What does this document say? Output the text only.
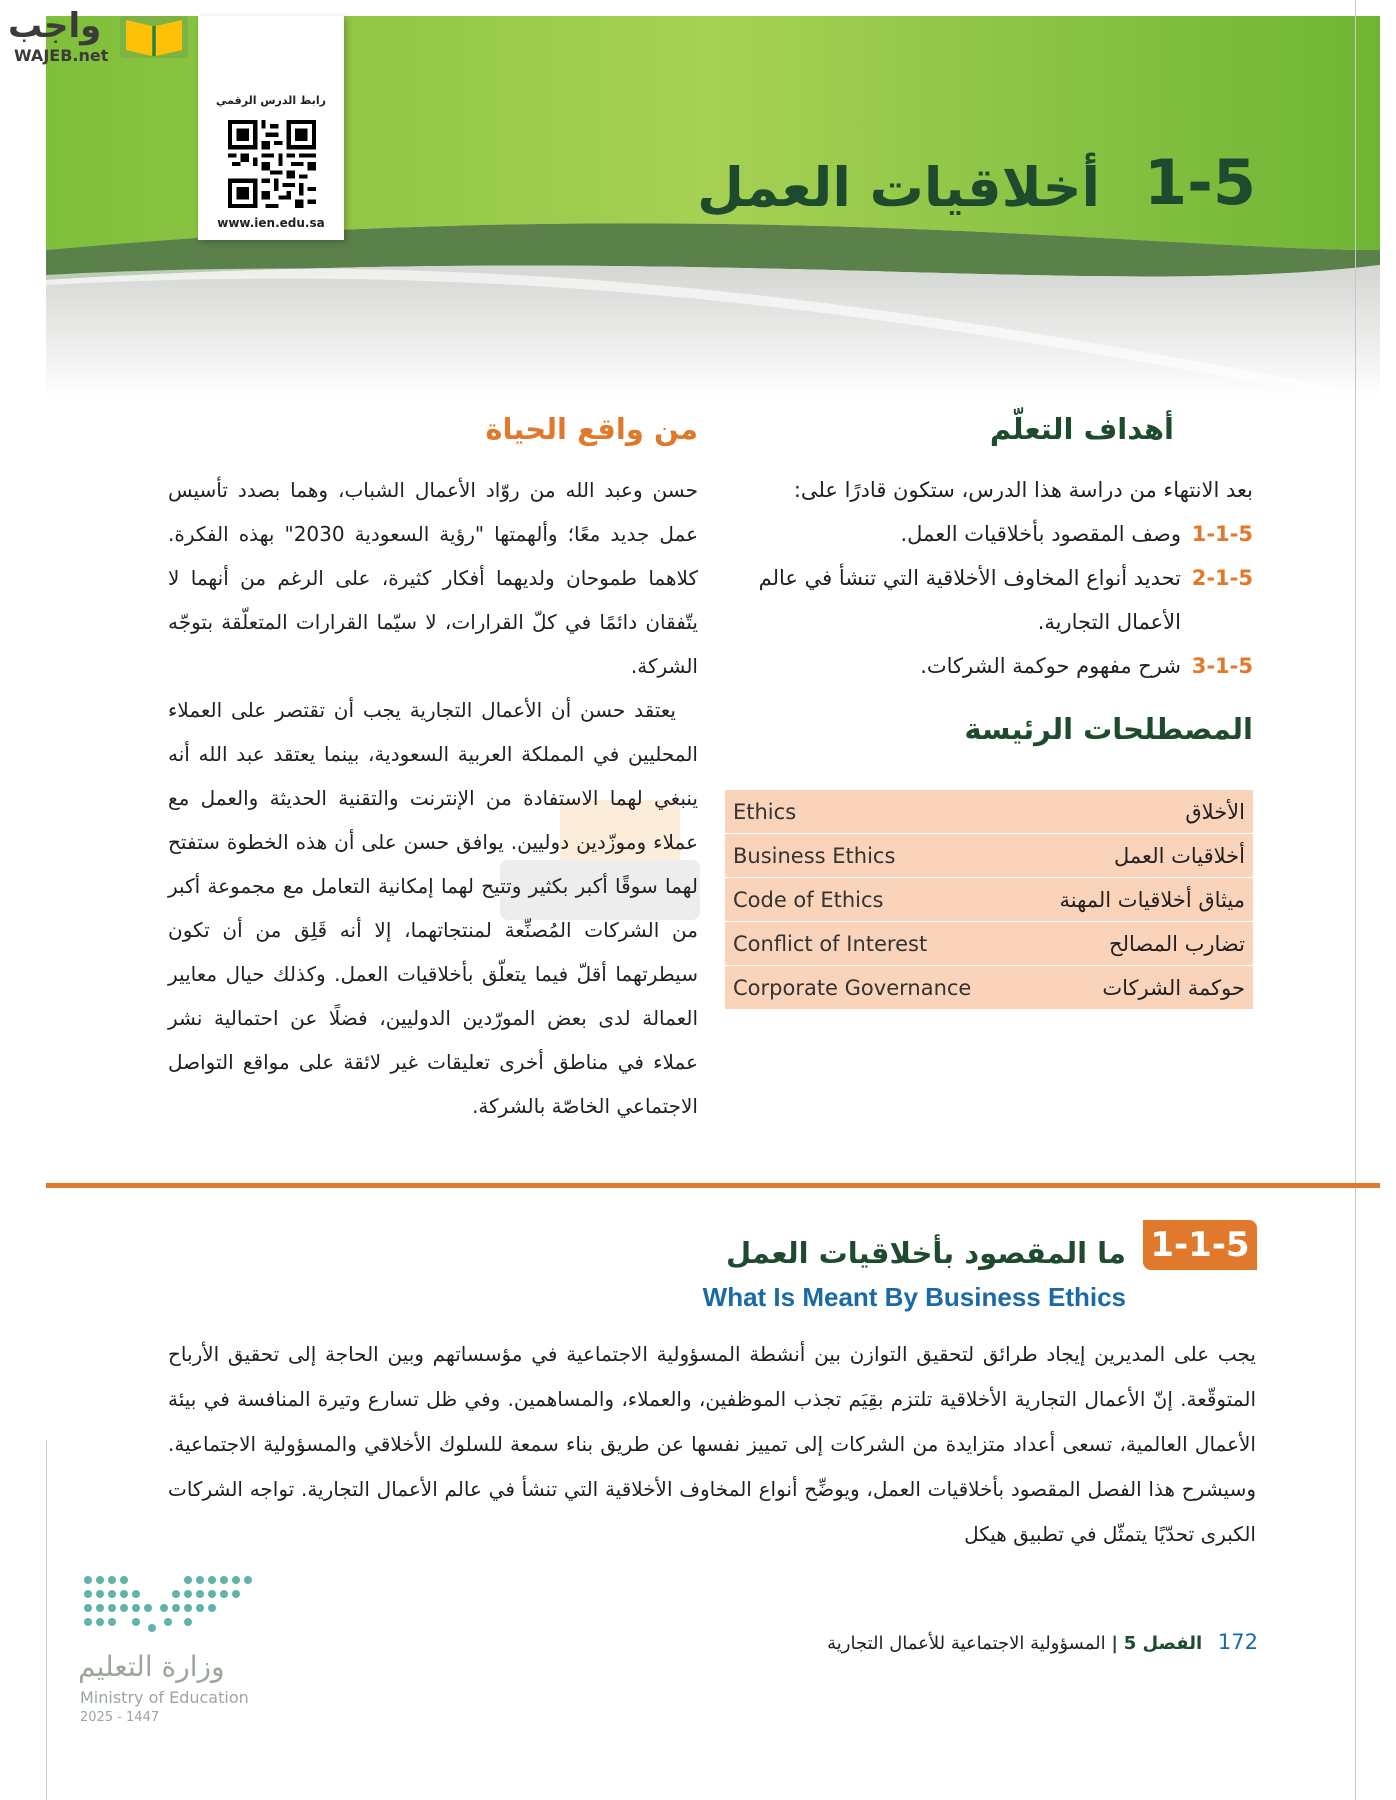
واجب
WAJEB.net
رابط الدرس الرقمي
www.ien.edu.sa
1-5
أخلاقيات العمل
أهداف التعلّم
بعد الانتهاء من دراسة هذا الدرس، ستكون قادرًا على:
1-1-5
وصف المقصود بأخلاقيات العمل.
2-1-5
تحديد أنواع المخاوف الأخلاقية التي تنشأ في عالم الأعمال التجارية.
3-1-5
شرح مفهوم حوكمة الشركات.
المصطلحات الرئيسة
Ethics	الأخلاق
Business Ethics	أخلاقيات العمل
Code of Ethics	ميثاق أخلاقيات المهنة
Conflict of Interest	تضارب المصالح
Corporate Governance	حوكمة الشركات
من واقع الحياة

حسن وعبد الله من روّاد الأعمال الشباب، وهما بصدد تأسيس عمل جديد معًا؛ وألهمتها "رؤية السعودية 2030" بهذه الفكرة. كلاهما طموحان ولديهما أفكار كثيرة، على الرغم من أنهما لا يتّفقان دائمًا في كلّ القرارات، لا سيّما القرارات المتعلّقة بتوجّه الشركة.

يعتقد حسن أن الأعمال التجارية يجب أن تقتصر على العملاء المحليين في المملكة العربية السعودية، بينما يعتقد عبد الله أنه ينبغي لهما الاستفادة من الإنترنت والتقنية الحديثة والعمل مع عملاء وموزّدين دوليين. يوافق حسن على أن هذه الخطوة ستفتح لهما سوقًا أكبر بكثير وتتيح لهما إمكانية التعامل مع مجموعة أكبر من الشركات المُصنِّعة لمنتجاتهما، إلا أنه قَلِق من أن تكون سيطرتهما أقلّ فيما يتعلّق بأخلاقيات العمل. وكذلك حيال معايير العمالة لدى بعض المورّدين الدوليين، فضلًا عن احتمالية نشر عملاء في مناطق أخرى تعليقات غير لائقة على مواقع التواصل الاجتماعي الخاصّة بالشركة.

1-1-5
ما المقصود بأخلاقيات العمل
What Is Meant By Business Ethics
يجب على المديرين إيجاد طرائق لتحقيق التوازن بين أنشطة المسؤولية الاجتماعية في مؤسساتهم وبين الحاجة إلى تحقيق الأرباح المتوقّعة. إنّ الأعمال التجارية الأخلاقية تلتزم بقِيَم تجذب الموظفين، والعملاء، والمساهمين. وفي ظل تسارع وتيرة المنافسة في بيئة الأعمال العالمية، تسعى أعداد متزايدة من الشركات إلى تمييز نفسها عن طريق بناء سمعة للسلوك الأخلاقي والمسؤولية الاجتماعية. وسيشرح هذا الفصل المقصود بأخلاقيات العمل، ويوضِّح أنواع المخاوف الأخلاقية التي تنشأ في عالم الأعمال التجارية. تواجه الشركات الكبرى تحدّيًا يتمثّل في تطبيق هيكل
وزارة التعليم
Ministry of Education
2025 - 1447
172 الفصل 5 | المسؤولية الاجتماعية للأعمال التجارية
